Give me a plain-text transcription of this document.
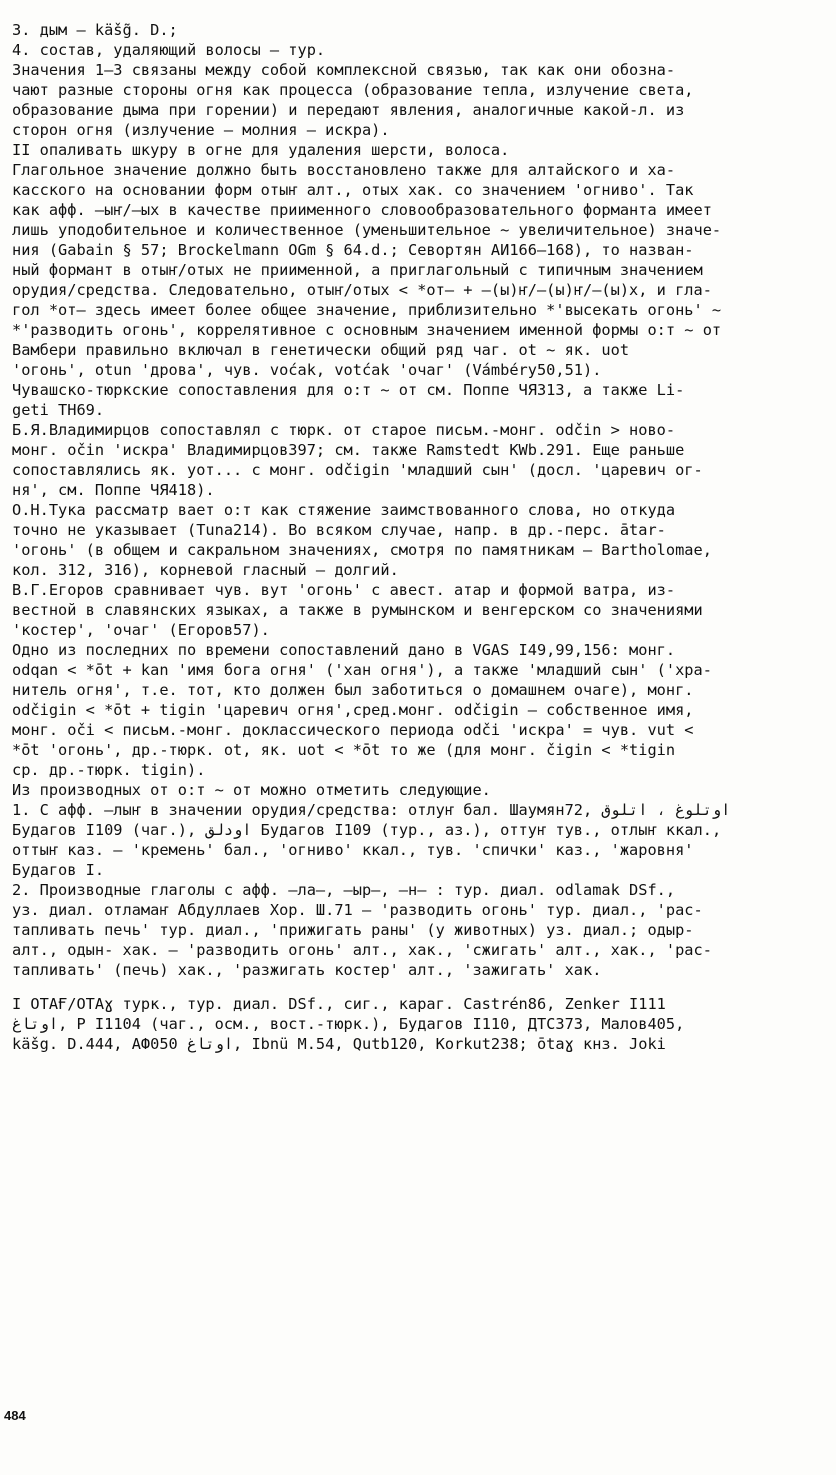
3. дым – käšg̃. D.;
4. состав, удаляющий волосы – тур.
Значения 1–3 связаны между собой комплексной связью, так как они обозна-
чают разные стороны огня как процесса (образование тепла, излучение света,
образование дыма при горении) и передают явления, аналогичные какой-л. из
сторон огня (излучение – молния – искра).
II опаливать шкуру в огне для удаления шерсти, волоса.
Глагольное значение должно быть восстановлено также для алтайского и ха-
касского на основании форм отыҥ алт., отых хак. со значением 'огниво'. Так
как афф. –ыҥ/–ых в качестве приименного словообразовательного форманта имеет
лишь уподобительное и количественное (уменьшительное ~ увеличительное) значе-
ния (Gabain § 57; Brockelmann OGm § 64.d.; Севортян АИ166–168), то назван-
ный формант в отыҥ/отых не приименной, а приглагольный с типичным значением
орудия/средства. Следовательно, отыҥ/отых < *от– + –(ы)ҥ/–(ы)ҥ/–(ы)х, и гла-
гол *от– здесь имеет более общее значение, приблизительно *'высекать огонь' ~
*'разводить огонь', коррелятивное с основным значением именной формы о:т ~ от
Вамбери правильно включал в генетически общий ряд чаг. ot ~ як. uot
'огонь', otun 'дрова', чув. voćak, votćak 'очаг' (Vámbéry50,51).
Чувашско-тюркские сопоставления для о:т ~ от см. Поппе ЧЯ313, а также Li-
geti TH69.
Б.Я.Владимирцов сопоставлял с тюрк. от старое письм.-монг. odčin > ново-
монг. očin 'искра' Владимирцов397; см. также Ramstedt KWb.291. Еще раньше
сопоставлялись як. уот... с монг. odčigin 'младший сын' (досл. 'царевич ог-
ня', см. Поппе ЧЯ418).
О.Н.Тука рассматр вает о:т как стяжение заимствованного слова, но откуда
точно не указывает (Tuna214). Во всяком случае, напр. в др.-перс. ātar-
'огонь' (в общем и сакральном значениях, смотря по памятникам – Bartholomae,
кол. 312, 316), корневой гласный – долгий.
В.Г.Егоров сравнивает чув. вут 'огонь' с авест. атар и формой ватра, из-
вестной в славянских языках, а также в румынском и венгерском со значениями
'костер', 'очаг' (Егоров57).
Одно из последних по времени сопоставлений дано в VGAS I49,99,156: монг.
odqan < *ōt + kan 'имя бога огня' ('хан огня'), а также 'младший сын' ('хра-
нитель огня', т.е. тот, кто должен был заботиться о домашнем очаге), монг.
odčigin < *ōt + tigin 'царевич огня',сред.монг. odčigin – собственное имя,
монг. oči < письм.-монг. доклассического периода odči 'искра' = чув. vut <
*ōt 'огонь', др.-тюрк. ot, як. uot < *ōt то же (для монг. čigin < *tigin
ср. др.-тюрк. tigin).
Из производных от о:т ~ от можно отметить следующие.
1. С афф. –лыҥ в значении орудия/средства: отлуҥ бал. Шаумян72, اوتلوغ ، اتلوق
Будагов I109 (чаг.), اودلق Будагов I109 (тур., аз.), оттуҥ тув., отлыҥ ккал.,
оттыҥ каз. – 'кремень' бал., 'огниво' ккал., тув. 'спички' каз., 'жаровня'
Будагов I.
2. Производные глаголы с афф. –ла–, –ыр–, –н– : тур. диал. odlamak DSf.,
уз. диал. отламаҥ Абдуллаев Хор. Ш.71 – 'разводить огонь' тур. диал., 'рас-
тапливать печь' тур. диал., 'прижигать раны' (у животных) уз. диал.; одыр-
алт., одын- хак. – 'разводить огонь' алт., хак., 'сжигать' алт., хак., 'рас-
тапливать' (печь) хак., 'разжигать костер' алт., 'зажигать' хак.
I OTAҒ/OTAɣ турк., тур. диал. DSf., сиг., караг. Castrén86, Zenker I111
اوتاغ, P I1104 (чаг., осм., вост.-тюрк.), Будагов I110, ДТС373, Малов405,
käšg. D.444, АФ050 اوتاغ, Ibnü M.54, Qutb120, Korkut238; ōtaɣ кнз. Joki
484
